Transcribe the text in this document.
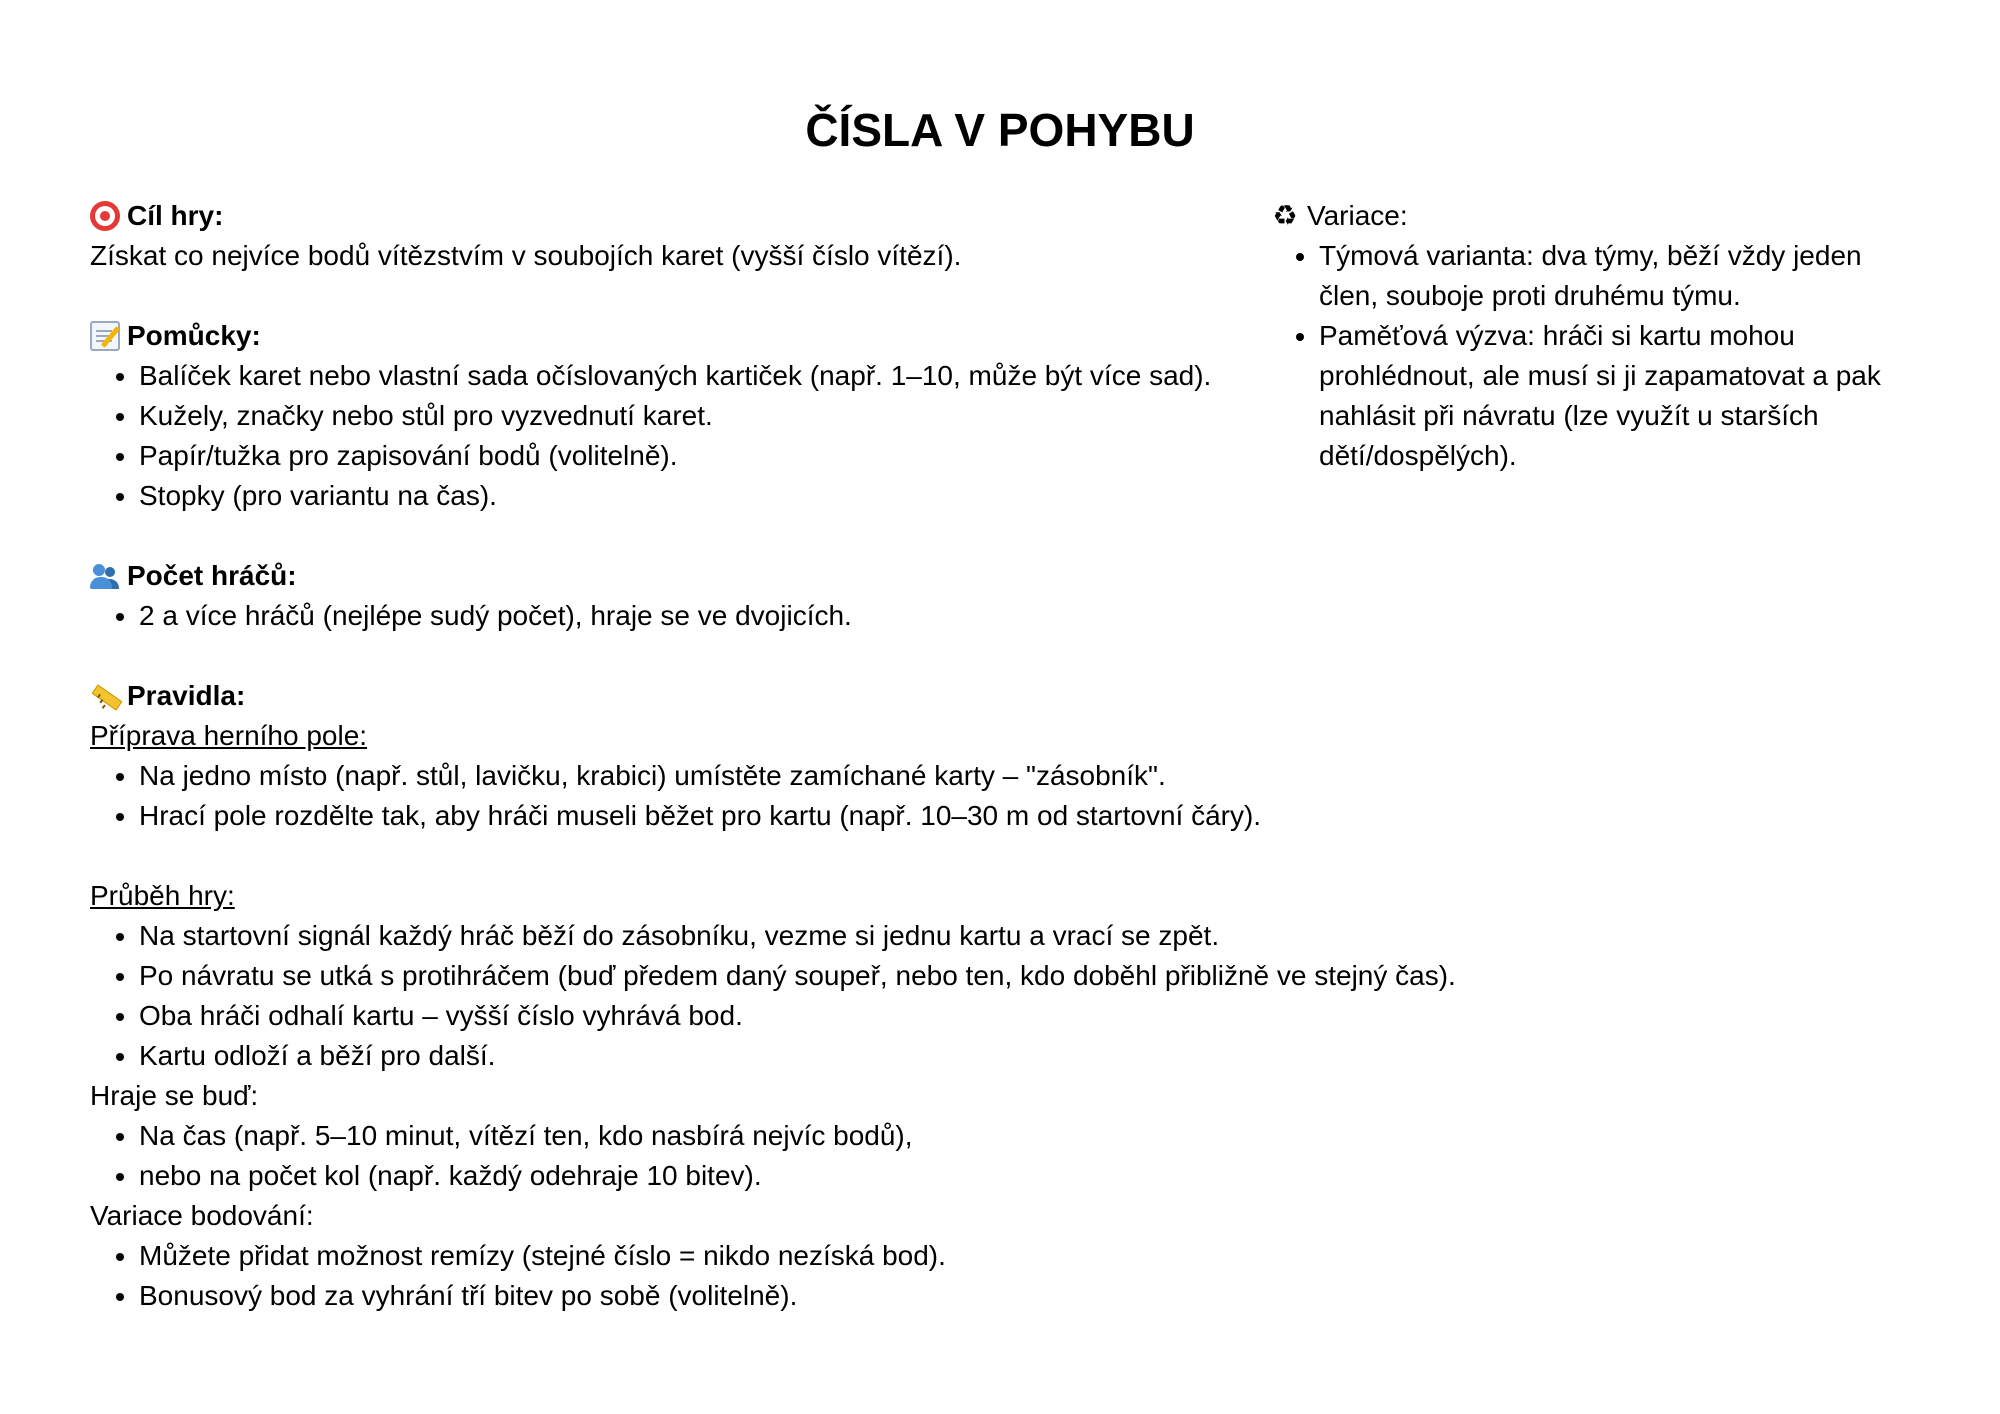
ČÍSLA V POHYBU
Cíl hry:
Získat co nejvíce bodů vítězstvím v soubojích karet (vyšší číslo vítězí).
Pomůcky:
• Balíček karet nebo vlastní sada očíslovaných kartiček (např. 1–10, může být více sad).
• Kužely, značky nebo stůl pro vyzvednutí karet.
• Papír/tužka pro zapisování bodů (volitelně).
• Stopky (pro variantu na čas).
Počet hráčů:
• 2 a více hráčů (nejlépe sudý počet), hraje se ve dvojicích.
Pravidla:
Příprava herního pole:
• Na jedno místo (např. stůl, lavičku, krabici) umístěte zamíchané karty – "zásobník".
• Hrací pole rozdělte tak, aby hráči museli běžet pro kartu (např. 10–30 m od startovní čáry).
Průběh hry:
• Na startovní signál každý hráč běží do zásobníku, vezme si jednu kartu a vrací se zpět.
• Po návratu se utká s protihráčem (buď předem daný soupeř, nebo ten, kdo doběhl přibližně ve stejný čas).
• Oba hráči odhalí kartu – vyšší číslo vyhrává bod.
• Kartu odloží a běží pro další.
Hraje se buď:
• Na čas (např. 5–10 minut, vítězí ten, kdo nasbírá nejvíc bodů),
• nebo na počet kol (např. každý odehraje 10 bitev).
Variace bodování:
• Můžete přidat možnost remízy (stejné číslo = nikdo nezíská bod).
• Bonusový bod za vyhrání tří bitev po sobě (volitelně).
♻ Variace:
• Týmová varianta: dva týmy, běží vždy jeden člen, souboje proti druhému týmu.
• Paměťová výzva: hráči si kartu mohou prohlédnout, ale musí si ji zapamatovat a pak nahlásit při návratu (lze využít u starších dětí/dospělých).
